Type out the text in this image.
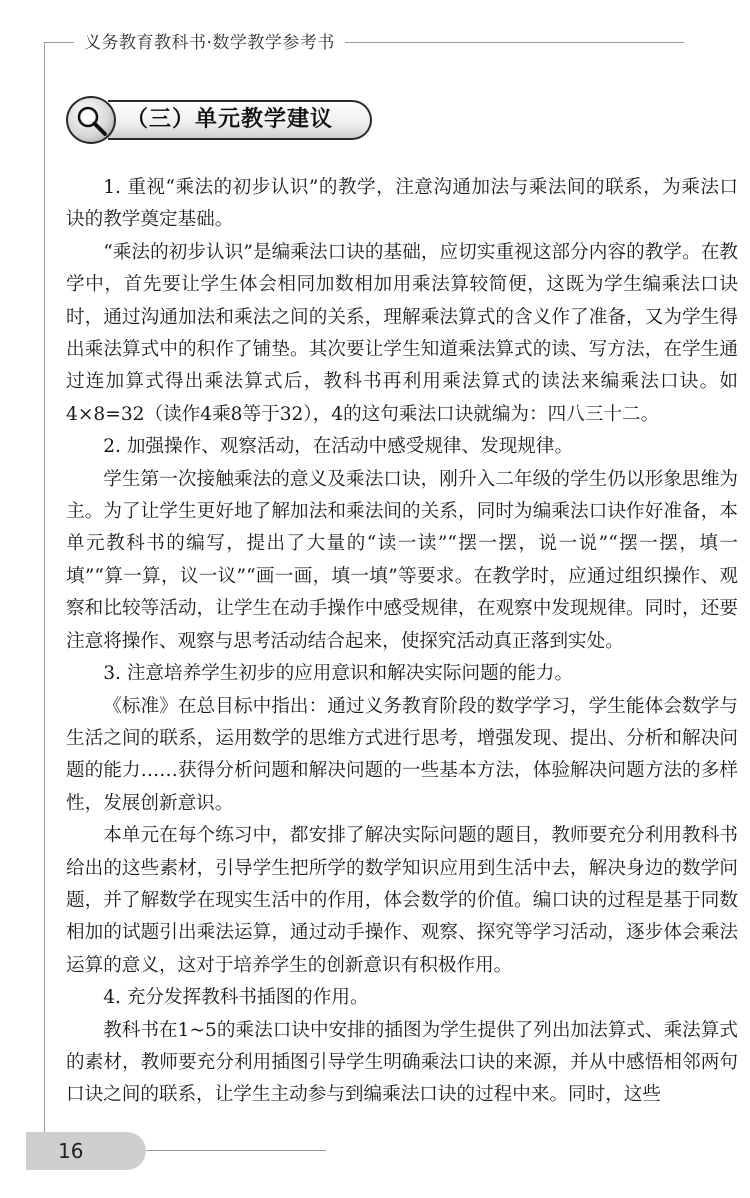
义务教育教科书·数学教学参考书
（三）单元教学建议

1. 重视“乘法的初步认识”的教学，注意沟通加法与乘法间的联系，为乘法口诀的教学奠定基础。

“乘法的初步认识”是编乘法口诀的基础，应切实重视这部分内容的教学。在教学中，首先要让学生体会相同加数相加用乘法算较简便，这既为学生编乘法口诀时，通过沟通加法和乘法之间的关系，理解乘法算式的含义作了准备，又为学生得出乘法算式中的积作了铺垫。其次要让学生知道乘法算式的读、写方法，在学生通过连加算式得出乘法算式后，教科书再利用乘法算式的读法来编乘法口诀。如4×8=32（读作4乘8等于32），4的这句乘法口诀就编为：四八三十二。

2. 加强操作、观察活动，在活动中感受规律、发现规律。

学生第一次接触乘法的意义及乘法口诀，刚升入二年级的学生仍以形象思维为主。为了让学生更好地了解加法和乘法间的关系，同时为编乘法口诀作好准备，本单元教科书的编写，提出了大量的“读一读”“摆一摆，说一说”“摆一摆，填一填”“算一算，议一议”“画一画，填一填”等要求。在教学时，应通过组织操作、观察和比较等活动，让学生在动手操作中感受规律，在观察中发现规律。同时，还要注意将操作、观察与思考活动结合起来，使探究活动真正落到实处。

3. 注意培养学生初步的应用意识和解决实际问题的能力。

《标准》在总目标中指出：通过义务教育阶段的数学学习，学生能体会数学与生活之间的联系，运用数学的思维方式进行思考，增强发现、提出、分析和解决问题的能力……获得分析问题和解决问题的一些基本方法，体验解决问题方法的多样性，发展创新意识。

本单元在每个练习中，都安排了解决实际问题的题目，教师要充分利用教科书给出的这些素材，引导学生把所学的数学知识应用到生活中去，解决身边的数学问题，并了解数学在现实生活中的作用，体会数学的价值。编口诀的过程是基于同数相加的试题引出乘法运算，通过动手操作、观察、探究等学习活动，逐步体会乘法运算的意义，这对于培养学生的创新意识有积极作用。

4. 充分发挥教科书插图的作用。

教科书在1~5的乘法口诀中安排的插图为学生提供了列出加法算式、乘法算式的素材，教师要充分利用插图引导学生明确乘法口诀的来源，并从中感悟相邻两句口诀之间的联系，让学生主动参与到编乘法口诀的过程中来。同时，这些

16
